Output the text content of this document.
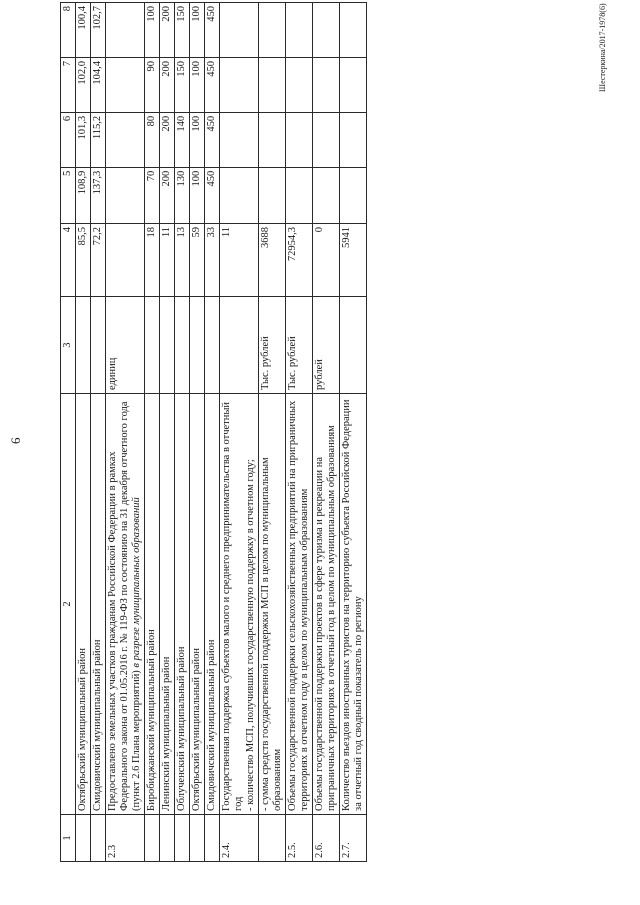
6
1	2	3	4	5	6	7	8
	Октябрьский муниципальный район		85,5	108,9	101,3	102,0	100,4
	Смидовичский муниципальный район		72,2	137,3	115,2	104,4	102,7
2.3	Предоставлено земельных участков гражданам Российской Федерации в рамках Федерального закона от 01.05.2016 г. № 119-ФЗ по состоянию на 31 декабря отчетного года (пункт 2.6 Плана мероприятий) в разрезе муниципальных образований	единиц					
	Биробиджанский муниципальный район		18	70	80	90	100
	Ленинский муниципальный район		11	200	200	200	200
	Облученский муниципальный район		13	130	140	150	150
	Октябрьский муниципальный район		59	100	100	100	100
	Смидовичский муниципальный район		33	450	450	450	450
2.4.	Государственная поддержка субъектов малого и среднего предпринимательства в отчетный год - количество МСП, получивших государственную поддержку в отчетном году;		11				
	- сумма средств государственной поддержки МСП в целом по муниципальным образованиям	Тыс. рублей	3688				
2.5.	Объемы государственной поддержки сельскохозяйственных предприятий на приграничных территориях в отчетном году в целом по муниципальным образованиям	Тыс. рублей	72954,3				
2.6.	Объемы государственной поддержки проектов в сфере туризма и рекреации на приграничных территориях в отчетный год в целом по муниципальным образованиям	рублей	0				
2.7.	Количество въездов иностранных туристов на территорию субъекта Российской Федерации за отчетный год сводный показатель по региону		5941				
Шестеркина/2017-1978(6)
